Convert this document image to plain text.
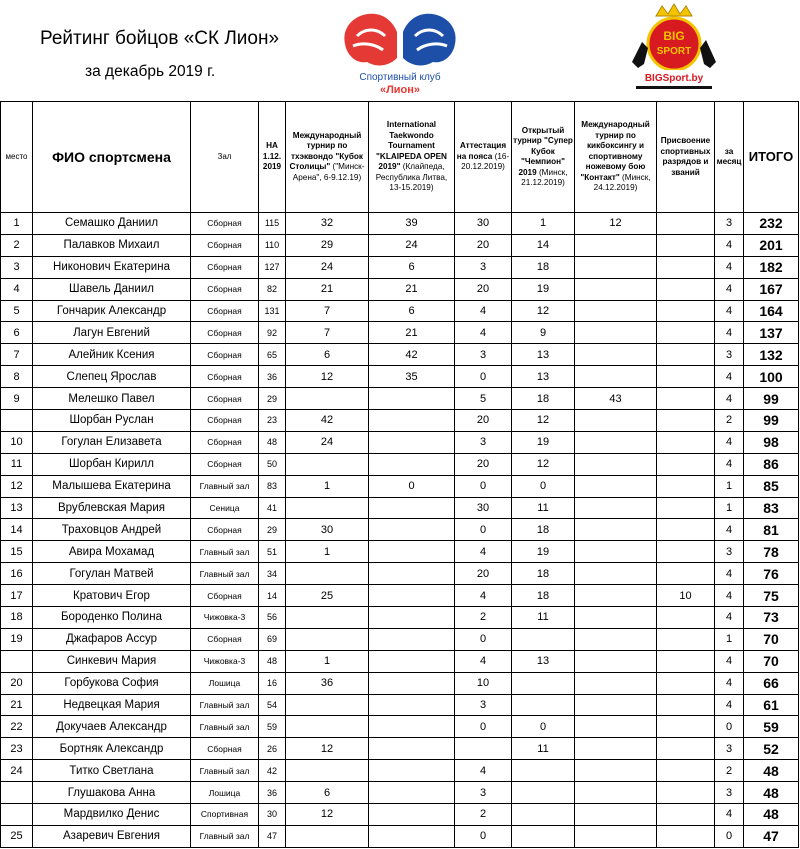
Рейтинг бойцов «СК Лион»
за декабрь 2019 г.	Спортивный клуб
«Лион»
BIG
SPORT
BIGSport.by
место	ФИО спортсмена	Зал	НА 1.12. 2019	Международный турнир по тхэквондо "Кубок Столицы" ("Минск-Арена", 6-9.12.19)	International Taekwondo Tournament "KLAIPEDA OPEN 2019" (Клайпеда, Республика Литва, 13-15.2019)	Аттестация на пояса (16-20.12.2019)	Открытый турнир "Супер Кубок "Чемпион" 2019 (Минск, 21.12.2019)	Международный турнир по кикбоксингу и спортивному ножевому бою "Контакт" (Минск, 24.12.2019)	Присвоение спортивных разрядов и званий	за месяц	ИТОГО
1	Семашко Даниил	Сборная	115	32	39	30	1	12		3	232
2	Палавков Михаил	Сборная	110	29	24	20	14			4	201
3	Никонович Екатерина	Сборная	127	24	6	3	18			4	182
4	Шавель Даниил	Сборная	82	21	21	20	19			4	167
5	Гончарик Александр	Сборная	131	7	6	4	12			4	164
6	Лагун Евгений	Сборная	92	7	21	4	9			4	137
7	Алейник Ксения	Сборная	65	6	42	3	13			3	132
8	Слепец Ярослав	Сборная	36	12	35	0	13			4	100
9	Мелешко Павел	Сборная	29			5	18	43		4	99
	Шорбан Руслан	Сборная	23	42		20	12			2	99
10	Гогулан Елизавета	Сборная	48	24		3	19			4	98
11	Шорбан Кирилл	Сборная	50			20	12			4	86
12	Малышева Екатерина	Главный зал	83	1	0	0	0			1	85
13	Врублевская Мария	Сеница	41			30	11			1	83
14	Траховцов Андрей	Сборная	29	30		0	18			4	81
15	Авира Мохамад	Главный зал	51	1		4	19			3	78
16	Гогулан Матвей	Главный зал	34			20	18			4	76
17	Кратович Егор	Сборная	14	25		4	18		10	4	75
18	Бороденко Полина	Чижовка-3	56			2	11			4	73
19	Джафаров Ассур	Сборная	69			0				1	70
	Синкевич Мария	Чижовка-3	48	1		4	13			4	70
20	Горбукова София	Лошица	16	36		10				4	66
21	Недвецкая Мария	Главный зал	54			3				4	61
22	Докучаев Александр	Главный зал	59			0	0			0	59
23	Бортняк Александр	Сборная	26	12			11			3	52
24	Титко Светлана	Главный зал	42			4				2	48
	Глушакова Анна	Лошица	36	6		3				3	48
	Мардвилко Денис	Спортивная	30	12		2				4	48
25	Азаревич Евгения	Главный зал	47			0				0	47
